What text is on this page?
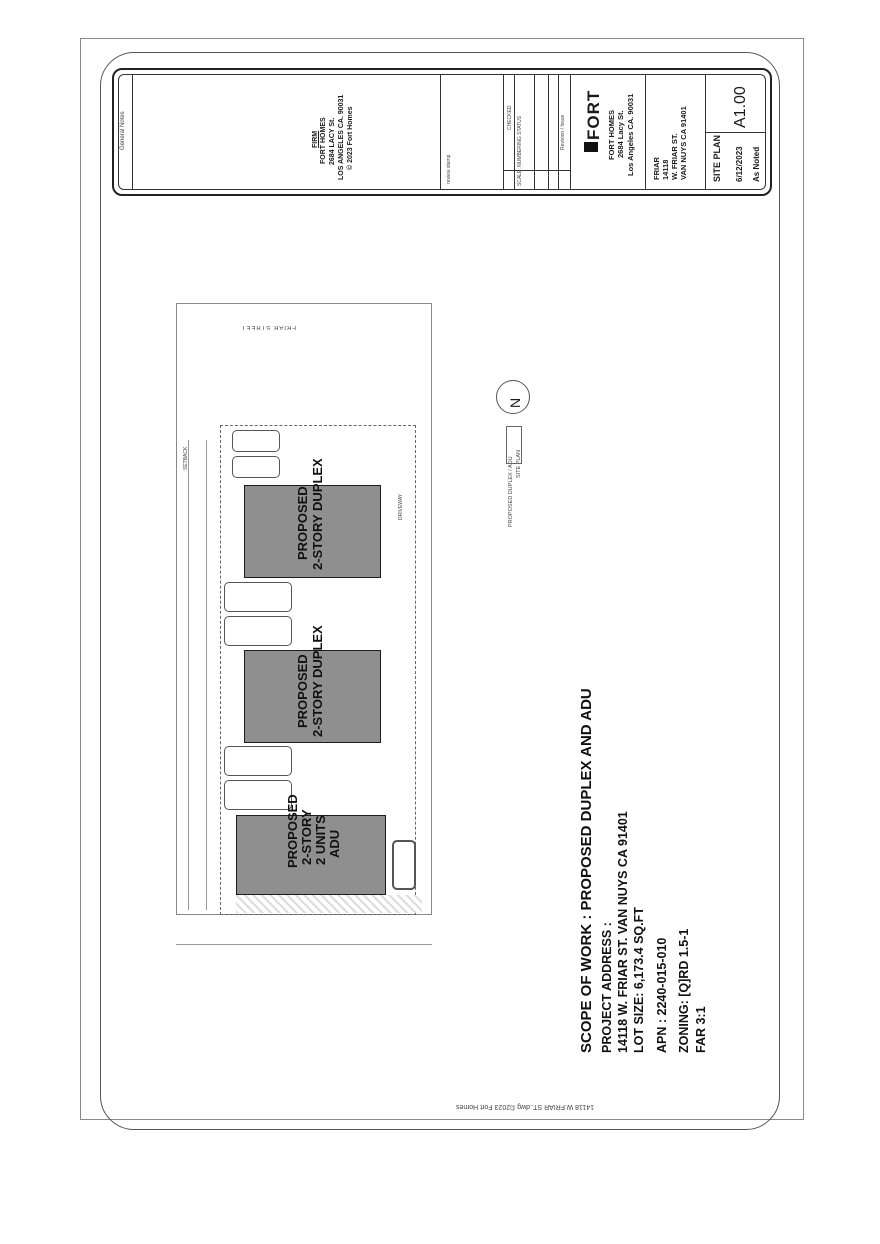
General Notes	FIRM FORT HOMES 2684 LACY St. LOS ANGELES CA. 90031 © 2023 Fort Homes	review stamp	SCALE: NUMBERING STATUS
CHECKED	Revision / Issue FORT FORT HOMES 2684 Lacy St. Los Angeles CA. 90031 FRIAR 14118 W. FRIAR ST. VAN NUYS CA 91401	SITE PLAN
A1.00
6/12/2023 As Noted
FRIAR STREET
N
PROPOSED DUPLEX / ADU SITE PLAN
PROPOSED 2-STORY DUPLEX
PROPOSED 2-STORY DUPLEX
PROPOSED 2-STORY 2 UNITS ADU
SETBACK
DRIVEWAY
SCOPE OF WORK : PROPOSED DUPLEX AND ADU PROJECT ADDRESS : 14118 W. FRIAR ST. VAN NUYS CA 91401 LOT SIZE: 6,173.4 SQ.FT APN : 2240-015-010 ZONING: [Q]RD 1.5-1 FAR 3:1
14118 W.FRIAR ST..dwg ©2023 Fort Homes
